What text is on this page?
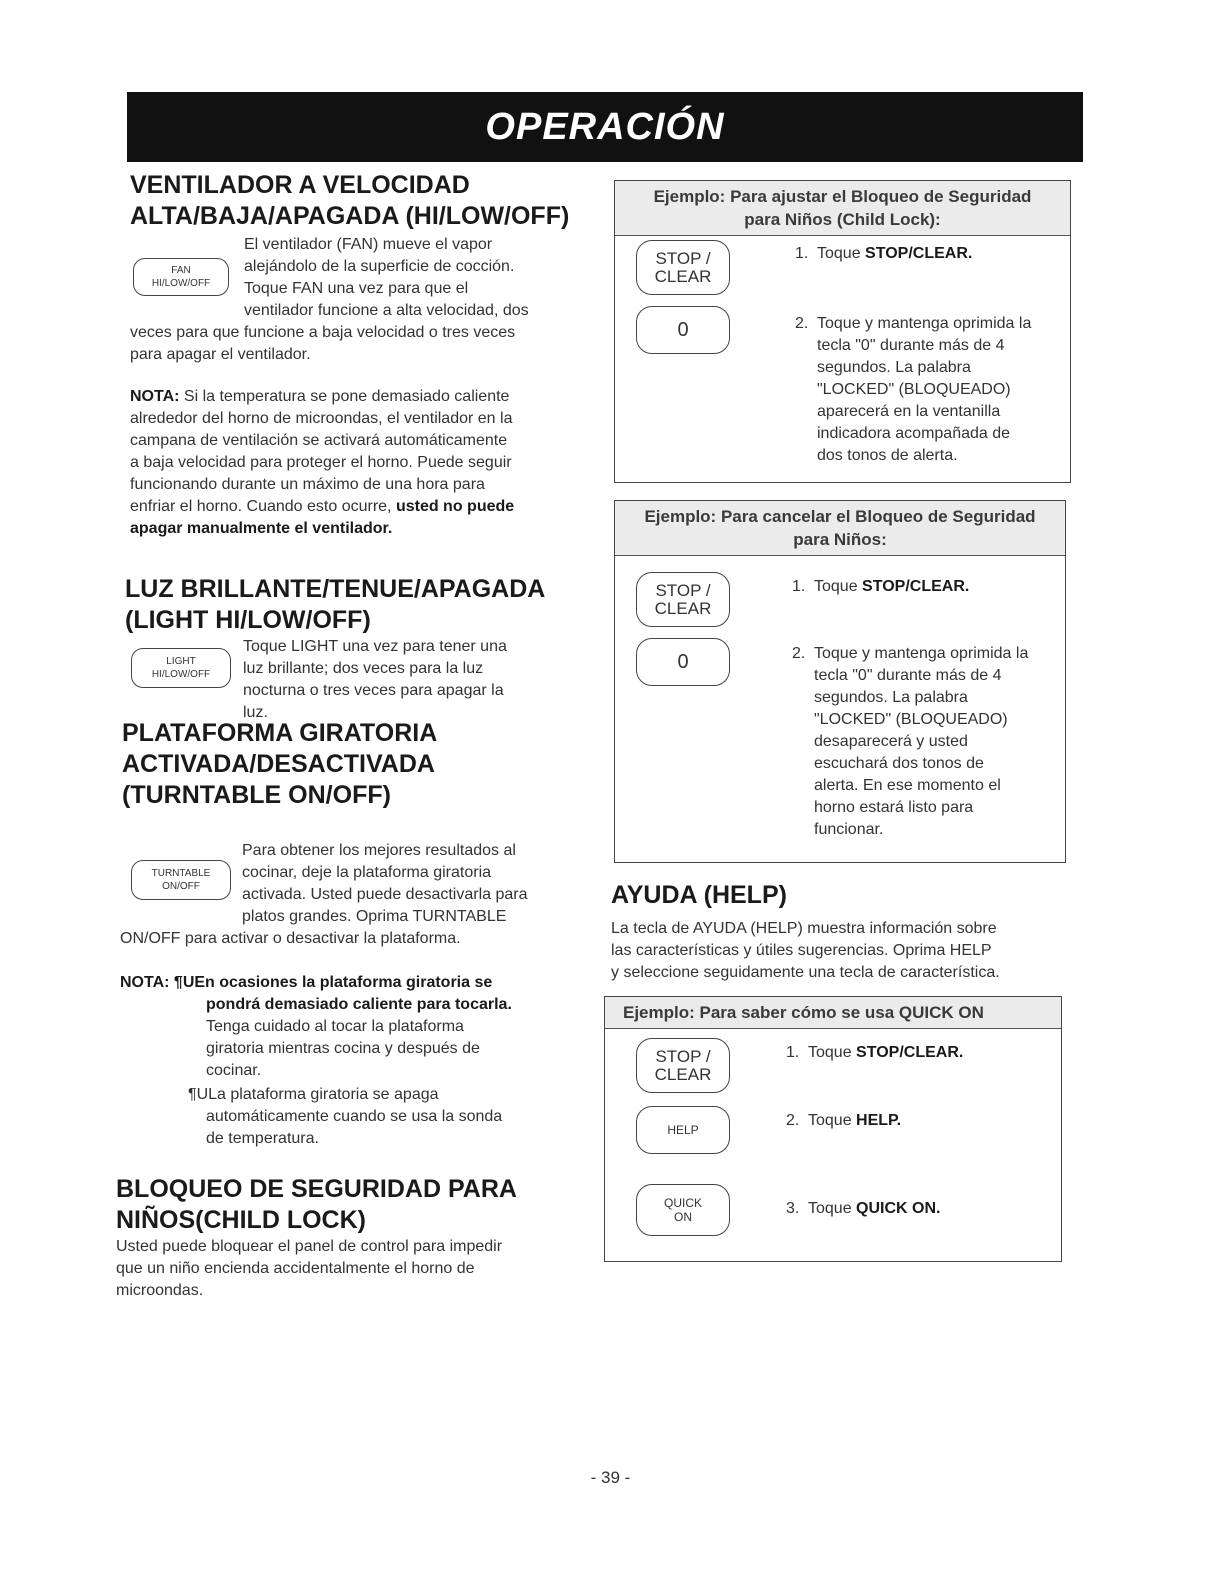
OPERACIÓN

VENTILADOR A VELOCIDAD

ALTA/BAJA/APAGADA (HI/LOW/OFF)

FAN
HI/LOW/OFF

El ventilador (FAN) mueve el vapor

alejándolo de la superficie de cocción.

Toque FAN una vez para que el

ventilador funcione a alta velocidad, dos

veces para que funcione a baja velocidad o tres veces

para apagar el ventilador.

NOTA: Si la temperatura se pone demasiado caliente

alrededor del horno de microondas, el ventilador en la

campana de ventilación se activará automáticamente

a baja velocidad para proteger el horno. Puede seguir

funcionando durante un máximo de una hora para

enfriar el horno. Cuando esto ocurre, usted no puede

apagar manualmente el ventilador.

LUZ BRILLANTE/TENUE/APAGADA

(LIGHT HI/LOW/OFF)

LIGHT
HI/LOW/OFF

Toque LIGHT una vez para tener una

luz brillante; dos veces para la luz

nocturna o tres veces para apagar la

luz.

PLATAFORMA GIRATORIA

ACTIVADA/DESACTIVADA

(TURNTABLE ON/OFF)

TURNTABLE
ON/OFF

Para obtener los mejores resultados al

cocinar, deje la plataforma giratoria

activada. Usted puede desactivarla para

platos grandes. Oprima TURNTABLE

ON/OFF para activar o desactivar la plataforma.

NOTA: ¶UEn ocasiones la plataforma giratoria se

pondrá demasiado caliente para tocarla.

Tenga cuidado al tocar la plataforma

giratoria mientras cocina y después de

cocinar.

¶ULa plataforma giratoria se apaga

automáticamente cuando se usa la sonda

de temperatura.

BLOQUEO DE SEGURIDAD PARA

NIÑOS(CHILD LOCK)

Usted puede bloquear el panel de control para impedir

que un niño encienda accidentalmente el horno de

microondas.

Ejemplo: Para ajustar el Bloqueo de Seguridad
para Niños (Child Lock):
STOP /
CLEAR
0
1. Toque STOP/CLEAR.
2. Toque y mantenga oprimida la
tecla "0" durante más de 4
segundos. La palabra
"LOCKED" (BLOQUEADO)
aparecerá en la ventanilla
indicadora acompañada de
dos tonos de alerta.
Ejemplo: Para cancelar el Bloqueo de Seguridad
para Niños:
STOP /
CLEAR
0
1. Toque STOP/CLEAR.
2. Toque y mantenga oprimida la
tecla "0" durante más de 4
segundos. La palabra
"LOCKED" (BLOQUEADO)
desaparecerá y usted
escuchará dos tonos de
alerta. En ese momento el
horno estará listo para
funcionar.

AYUDA (HELP)

La tecla de AYUDA (HELP) muestra información sobre

las características y útiles sugerencias. Oprima HELP

y seleccione seguidamente una tecla de característica.

Ejemplo: Para saber cómo se usa QUICK ON
STOP /
CLEAR
HELP
QUICK
ON
1. Toque STOP/CLEAR.
2. Toque HELP.
3. Toque QUICK ON.
- 39 -
